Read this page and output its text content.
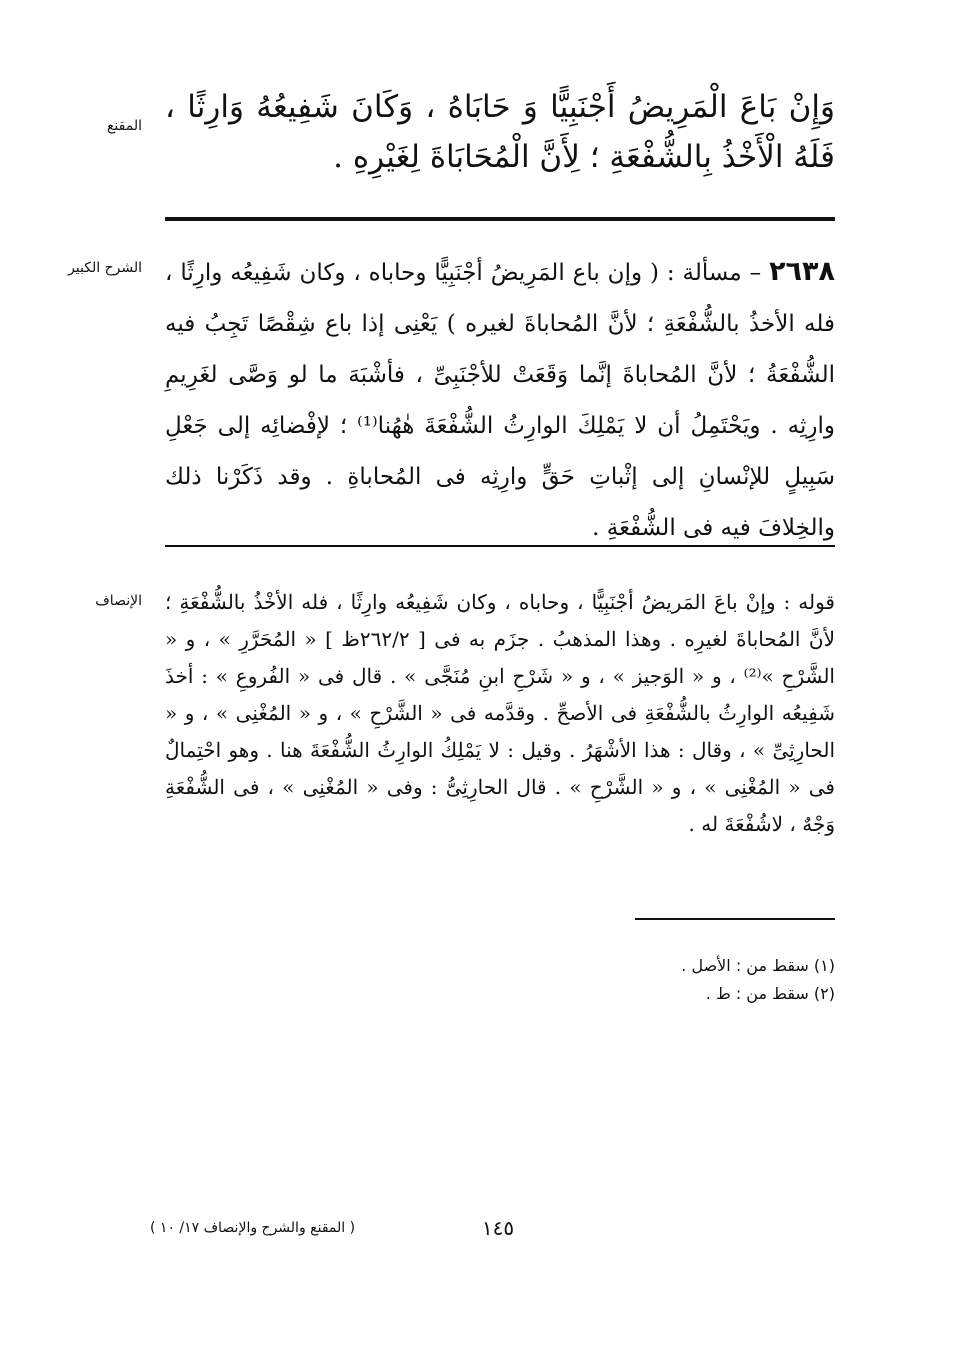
المقنع

وَإِنْ بَاعَ الْمَرِيضُ أَجْنَبِيًّا وَ حَابَاهُ ، وَكَانَ شَفِيعُهُ وَارِثًا ، فَلَهُ الْأَخْذُ بِالشُّفْعَةِ ؛ لِأَنَّ الْمُحَابَاةَ لِغَيْرِهِ .

الشرح الكبير	٢٦٣٨ – مسألة : ( وإن باع المَرِيضُ أجْنَبِيًّا وحاباه ، وكان شَفِيعُه وارِثًا ، فله الأخذُ بالشُّفْعَةِ ؛ لأنَّ المُحاباةَ لغيره ) يَعْنِى إذا باع شِقْصًا تَجِبُ فيه الشُّفْعَةُ ؛ لأنَّ المُحاباةَ إنَّما وَقَعَتْ للأجْنَبِىِّ ، فأشْبَهَ ما لو وَصَّى لغَرِيمِ وارِثِه . ويَحْتَمِلُ أن لا يَمْلِكَ الوارِثُ الشُّفْعَةَ هٰهُنا⁽¹⁾ ؛ لإفْضائِه إلى جَعْلِ سَبِيلٍ للإنْسانِ إلى إثْباتِ حَقٍّ وارِثِه فى المُحاباةِ . وقد ذَكَرْنا ذلك والخِلافَ فيه فى الشُّفْعَةِ .

الإنصاف قوله : وإنْ باعَ المَريضُ أجْنَبِيًّا ، وحاباه ، وكان شَفِيعُه وارِثًا ، فله الأخْذُ بالشُّفْعَةِ ؛ لأنَّ المُحاباةَ لغيرِه . وهذا المذهبُ . جزَم به فى [ ٢٦٢/٢ظ ] « المُحَرَّرِ » ، و « الشَّرْحِ »⁽²⁾ ، و « الوَجيز » ، و « شَرْحِ ابنِ مُنَجَّى » . قال فى « الفُروعِ » : أخذَ شَفِيعُه الوارِثُ بالشُّفْعَةِ فى الأصحِّ . وقدَّمه فى « الشَّرْحِ » ، و « المُغْنِى » ، و « الحارِثِىِّ » ، وقال : هذا الأشْهَرُ . وقيل : لا يَمْلِكُ الوارِثُ الشُّفْعَةَ هنا . وهو احْتِمالٌ فى « المُغْنِى » ، و « الشَّرْحِ » . قال الحارِثِىُّ : وفى « المُغْنِى » ، فى الشُّفْعَةِ وَجْهٌ ، لاشُفْعَةَ له .

(١) سقط من : الأصل .
(٢) سقط من : ط .
١٤٥
( المقنع والشرح والإنصاف ١٧/ ١٠ )
